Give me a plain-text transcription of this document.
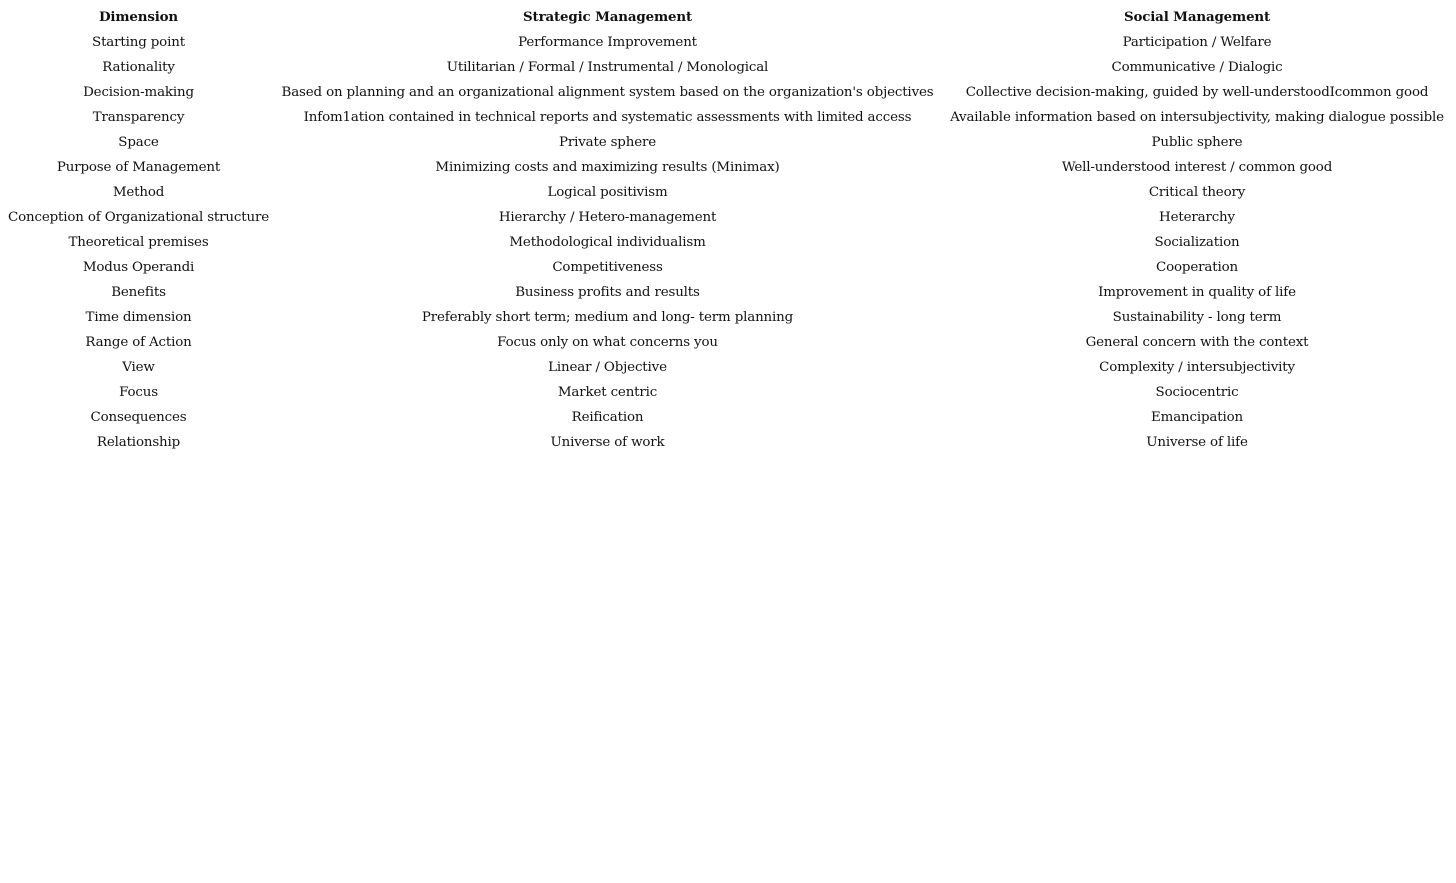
Dimension	Strategic Management	Social Management
Starting point	Performance Improvement	Participation / Welfare
Rationality	Utilitarian / Formal / Instrumental / Monological	Communicative / Dialogic
Decision-making	Based on planning and an organizational alignment system based on the organization's objectives	Collective decision-making, guided by well-understoodIcommon good
Transparency	Infom1ation contained in technical reports and systematic assessments with limited access	Available information based on intersubjectivity, making dialogue possible
Space	Private sphere	Public sphere
Purpose of Management	Minimizing costs and maximizing results (Minimax)	Well-understood interest / common good
Method	Logical positivism	Critical theory
Conception of Organizational structure	Hierarchy / Hetero-management	Heterarchy
Theoretical premises	Methodological individualism	Socialization
Modus Operandi	Competitiveness	Cooperation
Benefits	Business profits and results	Improvement in quality of life
Time dimension	Preferably short term; medium and long- term planning	Sustainability - long term
Range of Action	Focus only on what concerns you	General concern with the context
View	Linear / Objective	Complexity / intersubjectivity
Focus	Market centric	Sociocentric
Consequences	Reification	Emancipation
Relationship	Universe of work	Universe of life
